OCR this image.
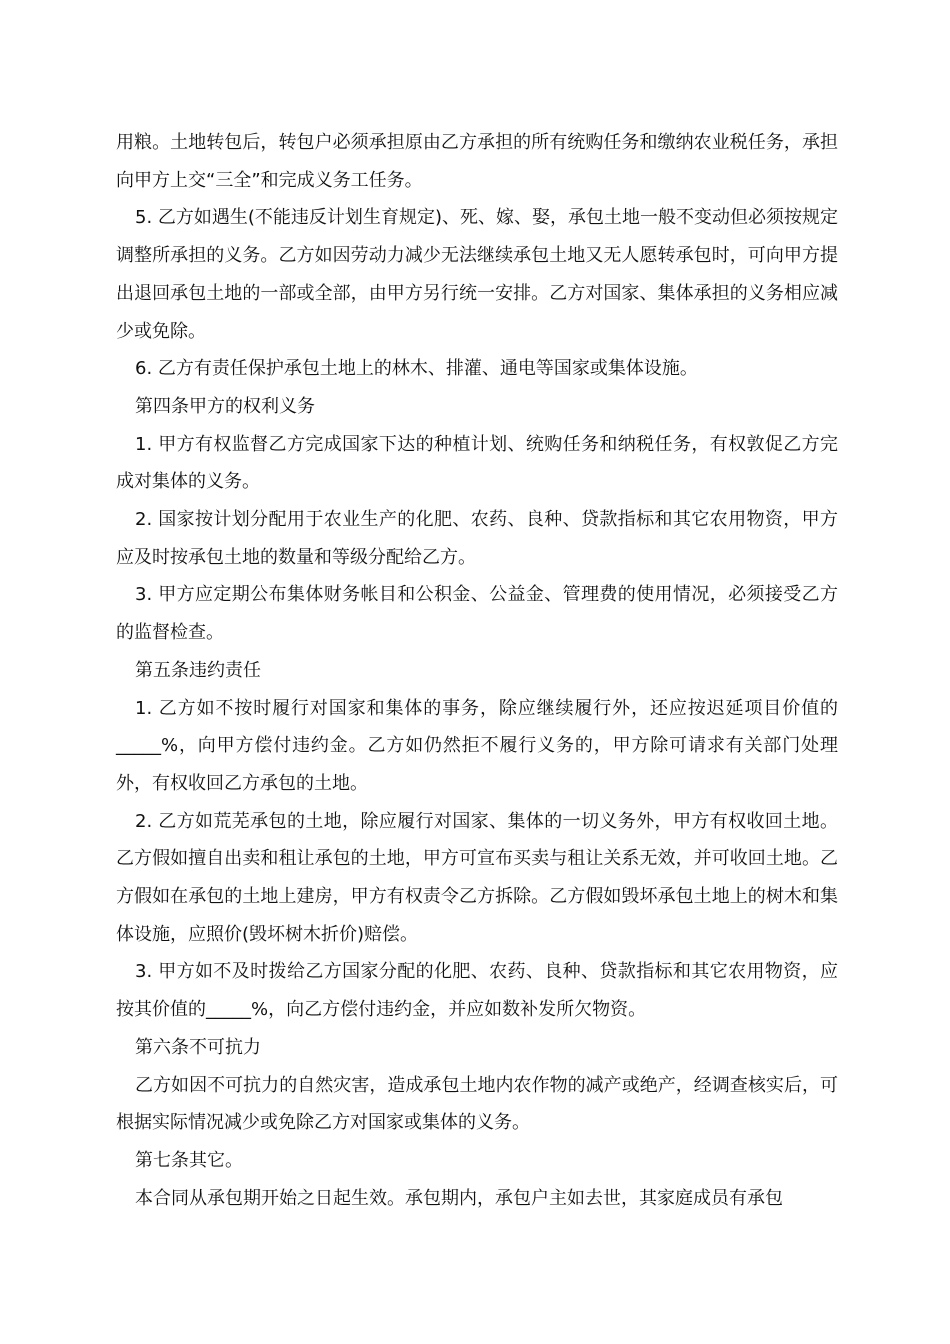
用粮。土地转包后，转包户必须承担原由乙方承担的所有统购任务和缴纳农业税任务，承担向甲方上交“三全”和完成义务工任务。

5. 乙方如遇生(不能违反计划生育规定)、死、嫁、娶，承包土地一般不变动但必须按规定调整所承担的义务。乙方如因劳动力减少无法继续承包土地又无人愿转承包时，可向甲方提出退回承包土地的一部或全部，由甲方另行统一安排。乙方对国家、集体承担的义务相应减少或免除。

6. 乙方有责任保护承包土地上的林木、排灌、通电等国家或集体设施。

第四条甲方的权利义务

1. 甲方有权监督乙方完成国家下达的种植计划、统购任务和纳税任务，有权敦促乙方完成对集体的义务。

2. 国家按计划分配用于农业生产的化肥、农药、良种、贷款指标和其它农用物资，甲方应及时按承包土地的数量和等级分配给乙方。

3. 甲方应定期公布集体财务帐目和公积金、公益金、管理费的使用情况，必须接受乙方的监督检查。

第五条违约责任

1. 乙方如不按时履行对国家和集体的事务，除应继续履行外，还应按迟延项目价值的_____%，向甲方偿付违约金。乙方如仍然拒不履行义务的，甲方除可请求有关部门处理外，有权收回乙方承包的土地。

2. 乙方如荒芜承包的土地，除应履行对国家、集体的一切义务外，甲方有权收回土地。乙方假如擅自出卖和租让承包的土地，甲方可宣布买卖与租让关系无效，并可收回土地。乙方假如在承包的土地上建房，甲方有权责令乙方拆除。乙方假如毁坏承包土地上的树木和集体设施，应照价(毁坏树木折价)赔偿。

3. 甲方如不及时拨给乙方国家分配的化肥、农药、良种、贷款指标和其它农用物资，应按其价值的_____%，向乙方偿付违约金，并应如数补发所欠物资。

第六条不可抗力

乙方如因不可抗力的自然灾害，造成承包土地内农作物的减产或绝产，经调查核实后，可根据实际情况减少或免除乙方对国家或集体的义务。

第七条其它。

本合同从承包期开始之日起生效。承包期内，承包户主如去世，其家庭成员有承包
